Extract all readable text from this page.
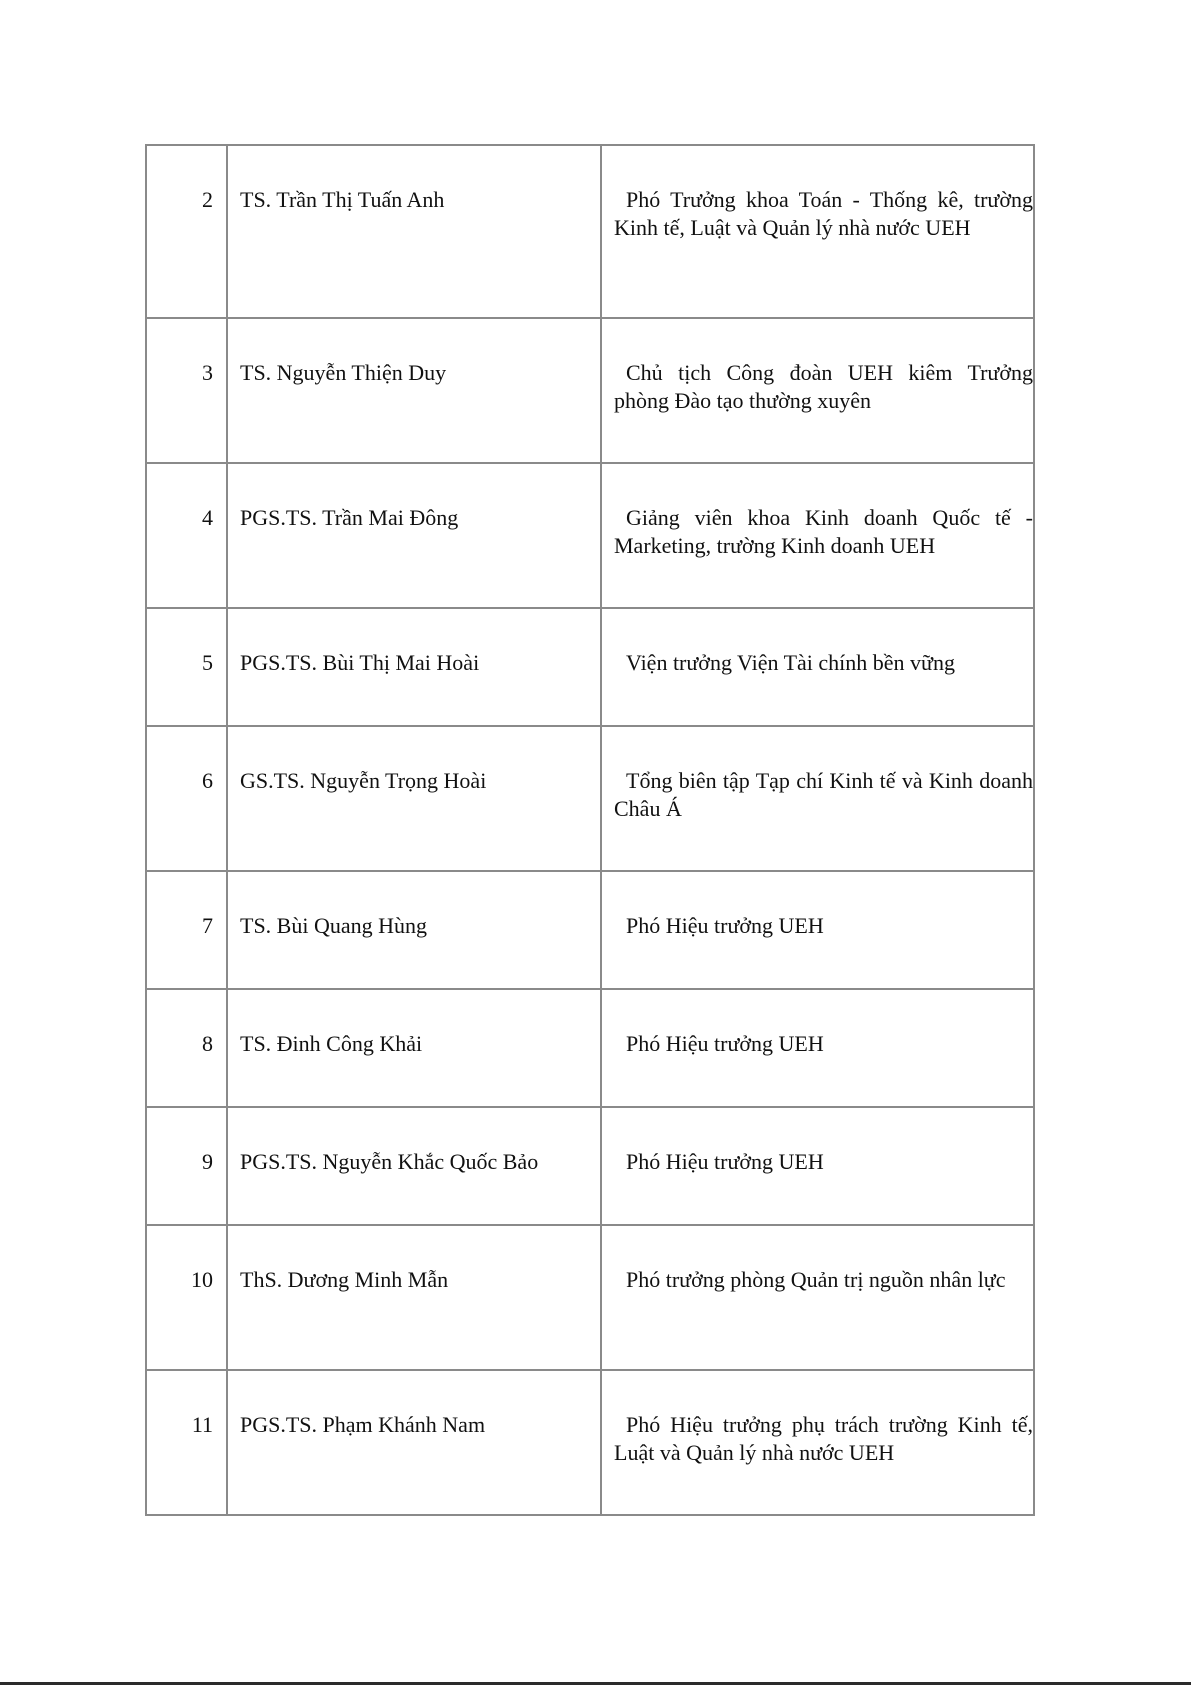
2	TS. Trần Thị Tuấn Anh	Phó Trưởng khoa Toán - Thống kê, trường Kinh tế, Luật và Quản lý nhà nước UEH
3	TS. Nguyễn Thiện Duy	Chủ tịch Công đoàn UEH kiêm Trưởng phòng Đào tạo thường xuyên
4	PGS.TS. Trần Mai Đông	Giảng viên khoa Kinh doanh Quốc tế - Marketing, trường Kinh doanh UEH
5	PGS.TS. Bùi Thị Mai Hoài	Viện trưởng Viện Tài chính bền vững
6	GS.TS. Nguyễn Trọng Hoài	Tổng biên tập Tạp chí Kinh tế và Kinh doanh Châu Á
7	TS. Bùi Quang Hùng	Phó Hiệu trưởng UEH
8	TS. Đinh Công Khải	Phó Hiệu trưởng UEH
9	PGS.TS. Nguyễn Khắc Quốc Bảo	Phó Hiệu trưởng UEH
10	ThS. Dương Minh Mẫn	Phó trưởng phòng Quản trị nguồn nhân lực
11	PGS.TS. Phạm Khánh Nam	Phó Hiệu trưởng phụ trách trường Kinh tế, Luật và Quản lý nhà nước UEH
